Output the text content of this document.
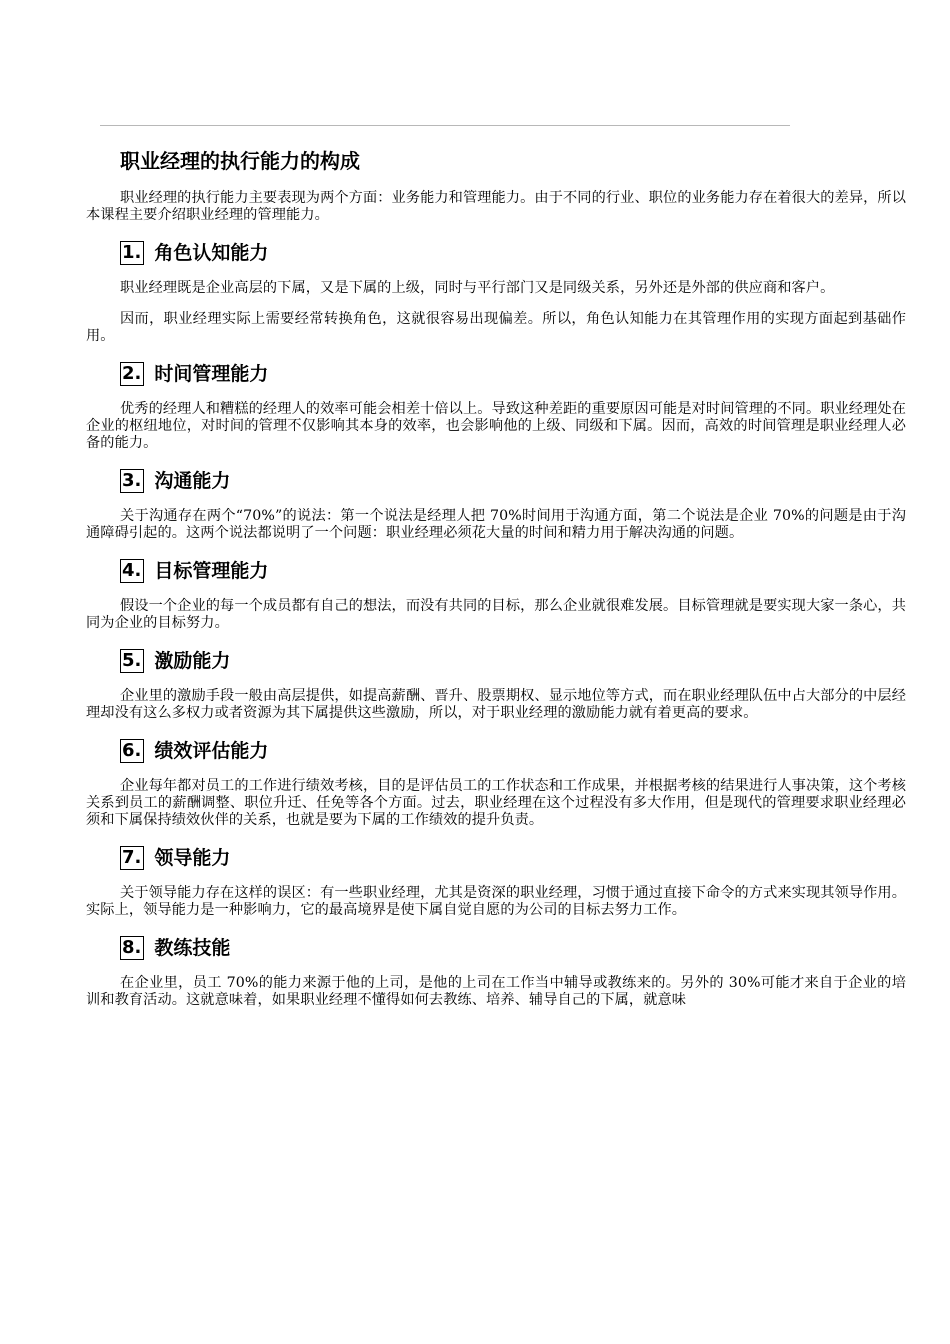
职业经理的执行能力的构成

职业经理的执行能力主要表现为两个方面：业务能力和管理能力。由于不同的行业、职位的业务能力存在着很大的差异，所以本课程主要介绍职业经理的管理能力。

1. 角色认知能力

职业经理既是企业高层的下属，又是下属的上级，同时与平行部门又是同级关系，另外还是外部的供应商和客户。

因而，职业经理实际上需要经常转换角色，这就很容易出现偏差。所以，角色认知能力在其管理作用的实现方面起到基础作用。

2. 时间管理能力

优秀的经理人和糟糕的经理人的效率可能会相差十倍以上。导致这种差距的重要原因可能是对时间管理的不同。职业经理处在企业的枢纽地位，对时间的管理不仅影响其本身的效率，也会影响他的上级、同级和下属。因而，高效的时间管理是职业经理人必备的能力。

3. 沟通能力

关于沟通存在两个“70%”的说法：第一个说法是经理人把 70%时间用于沟通方面，第二个说法是企业 70%的问题是由于沟通障碍引起的。这两个说法都说明了一个问题：职业经理必须花大量的时间和精力用于解决沟通的问题。

4. 目标管理能力

假设一个企业的每一个成员都有自己的想法，而没有共同的目标，那么企业就很难发展。目标管理就是要实现大家一条心，共同为企业的目标努力。

5. 激励能力

企业里的激励手段一般由高层提供，如提高薪酬、晋升、股票期权、显示地位等方式，而在职业经理队伍中占大部分的中层经理却没有这么多权力或者资源为其下属提供这些激励，所以，对于职业经理的激励能力就有着更高的要求。

6. 绩效评估能力

企业每年都对员工的工作进行绩效考核，目的是评估员工的工作状态和工作成果，并根据考核的结果进行人事决策，这个考核关系到员工的薪酬调整、职位升迁、任免等各个方面。过去，职业经理在这个过程没有多大作用，但是现代的管理要求职业经理必须和下属保持绩效伙伴的关系，也就是要为下属的工作绩效的提升负责。

7. 领导能力

关于领导能力存在这样的误区：有一些职业经理，尤其是资深的职业经理，习惯于通过直接下命令的方式来实现其领导作用。实际上，领导能力是一种影响力，它的最高境界是使下属自觉自愿的为公司的目标去努力工作。

8. 教练技能

在企业里，员工 70%的能力来源于他的上司，是他的上司在工作当中辅导或教练来的。另外的 30%可能才来自于企业的培训和教育活动。这就意味着，如果职业经理不懂得如何去教练、培养、辅导自己的下属，就意味
